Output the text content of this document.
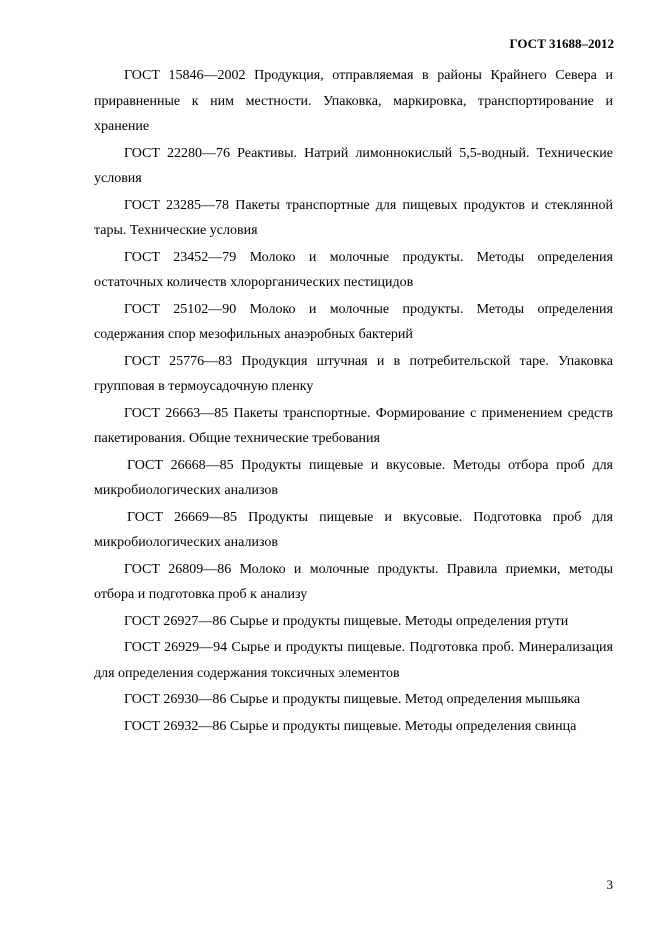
ГОСТ 31688–2012

ГОСТ 15846—2002 Продукция, отправляемая в районы Крайнего Севера и приравненные к ним местности. Упаковка, маркировка, транспортирование и хранение

ГОСТ 22280—76 Реактивы. Натрий лимоннокислый 5,5-водный. Технические условия

ГОСТ 23285—78 Пакеты транспортные для пищевых продуктов и стеклянной тары. Технические условия

ГОСТ 23452—79 Молоко и молочные продукты. Методы определения остаточных количеств хлорорганических пестицидов

ГОСТ 25102—90 Молоко и молочные продукты. Методы определения содержания спор мезофильных анаэробных бактерий

ГОСТ 25776—83 Продукция штучная и в потребительской таре. Упаковка групповая в термоусадочную пленку

ГОСТ 26663—85 Пакеты транспортные. Формирование с применением средств пакетирования. Общие технические требования

ГОСТ 26668—85 Продукты пищевые и вкусовые. Методы отбора проб для микробиологических анализов

ГОСТ 26669—85 Продукты пищевые и вкусовые. Подготовка проб для микробиологических анализов

ГОСТ 26809—86 Молоко и молочные продукты. Правила приемки, методы отбора и подготовка проб к анализу

ГОСТ 26927—86 Сырье и продукты пищевые. Методы определения ртути

ГОСТ 26929—94 Сырье и продукты пищевые. Подготовка проб. Минерализация для определения содержания токсичных элементов

ГОСТ 26930—86 Сырье и продукты пищевые. Метод определения мышьяка

ГОСТ 26932—86 Сырье и продукты пищевые. Методы определения свинца

3
